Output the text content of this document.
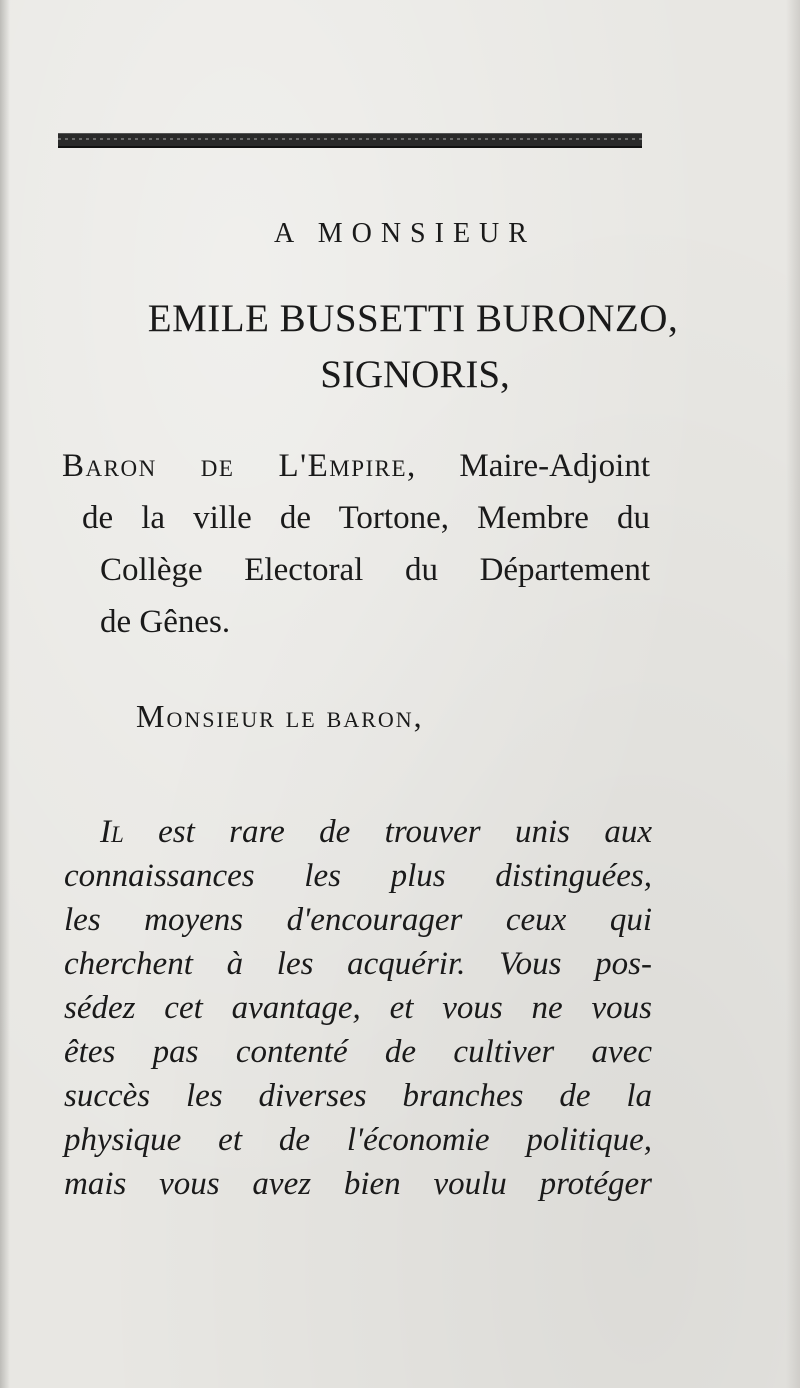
A MONSIEUR
EMILE BUSSETTI BURONZO,
SIGNORIS,
Baron de L'Empire, Maire-Adjoint
de la ville de Tortone, Membre du
Collège Electoral du Département
de Gênes.
Monsieur le baron,
Il est rare de trouver unis aux
connaissances les plus distinguées,
les moyens d'encourager ceux qui
cherchent à les acquérir. Vous pos-
sédez cet avantage, et vous ne vous
êtes pas contenté de cultiver avec
succès les diverses branches de la
physique et de l'économie politique,
mais vous avez bien voulu protéger
